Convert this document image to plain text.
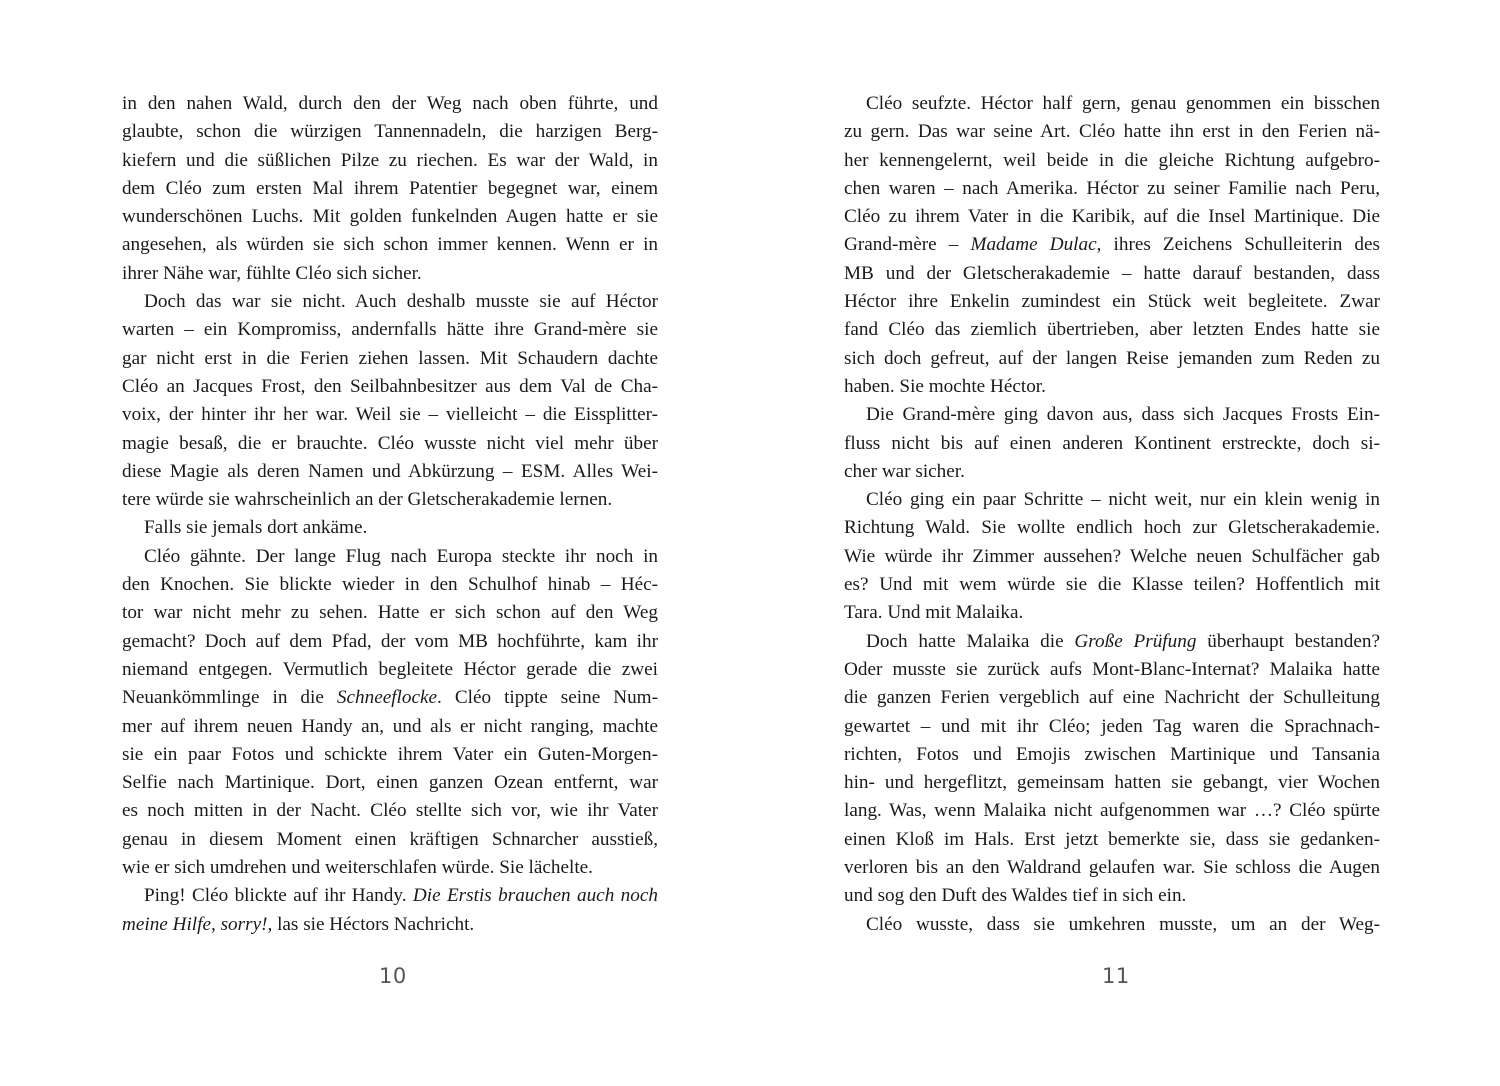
in den nahen Wald, durch den der Weg nach oben führte, und
glaubte, schon die würzigen Tannennadeln, die harzigen Berg-
kiefern und die süßlichen Pilze zu riechen. Es war der Wald, in
dem Cléo zum ersten Mal ihrem Patentier begegnet war, einem
wunderschönen Luchs. Mit golden funkelnden Augen hatte er sie
angesehen, als würden sie sich schon immer kennen. Wenn er in
ihrer Nähe war, fühlte Cléo sich sicher.
Doch das war sie nicht. Auch deshalb musste sie auf Héctor
warten – ein Kompromiss, andernfalls hätte ihre Grand-mère sie
gar nicht erst in die Ferien ziehen lassen. Mit Schaudern dachte
Cléo an Jacques Frost, den Seilbahnbesitzer aus dem Val de Cha-
voix, der hinter ihr her war. Weil sie – vielleicht – die Eissplitter-
magie besaß, die er brauchte. Cléo wusste nicht viel mehr über
diese Magie als deren Namen und Abkürzung – ESM. Alles Wei-
tere würde sie wahrscheinlich an der Gletscherakademie lernen.
Falls sie jemals dort ankäme.
Cléo gähnte. Der lange Flug nach Europa steckte ihr noch in
den Knochen. Sie blickte wieder in den Schulhof hinab – Héc-
tor war nicht mehr zu sehen. Hatte er sich schon auf den Weg
gemacht? Doch auf dem Pfad, der vom MB hochführte, kam ihr
niemand entgegen. Vermutlich begleitete Héctor gerade die zwei
Neuankömmlinge in die Schneeflocke. Cléo tippte seine Num-
mer auf ihrem neuen Handy an, und als er nicht ranging, machte
sie ein paar Fotos und schickte ihrem Vater ein Guten-Morgen-
Selfie nach Martinique. Dort, einen ganzen Ozean entfernt, war
es noch mitten in der Nacht. Cléo stellte sich vor, wie ihr Vater
genau in diesem Moment einen kräftigen Schnarcher ausstieß,
wie er sich umdrehen und weiterschlafen würde. Sie lächelte.
Ping! Cléo blickte auf ihr Handy. Die Erstis brauchen auch noch
meine Hilfe, sorry!, las sie Héctors Nachricht.
Cléo seufzte. Héctor half gern, genau genommen ein bisschen
zu gern. Das war seine Art. Cléo hatte ihn erst in den Ferien nä-
her kennengelernt, weil beide in die gleiche Richtung aufgebro-
chen waren – nach Amerika. Héctor zu seiner Familie nach Peru,
Cléo zu ihrem Vater in die Karibik, auf die Insel Martinique. Die
Grand-mère – Madame Dulac, ihres Zeichens Schulleiterin des
MB und der Gletscherakademie – hatte darauf bestanden, dass
Héctor ihre Enkelin zumindest ein Stück weit begleitete. Zwar
fand Cléo das ziemlich übertrieben, aber letzten Endes hatte sie
sich doch gefreut, auf der langen Reise jemanden zum Reden zu
haben. Sie mochte Héctor.
Die Grand-mère ging davon aus, dass sich Jacques Frosts Ein-
fluss nicht bis auf einen anderen Kontinent erstreckte, doch si-
cher war sicher.
Cléo ging ein paar Schritte – nicht weit, nur ein klein wenig in
Richtung Wald. Sie wollte endlich hoch zur Gletscherakademie.
Wie würde ihr Zimmer aussehen? Welche neuen Schulfächer gab
es? Und mit wem würde sie die Klasse teilen? Hoffentlich mit
Tara. Und mit Malaika.
Doch hatte Malaika die Große Prüfung überhaupt bestanden?
Oder musste sie zurück aufs Mont-Blanc-Internat? Malaika hatte
die ganzen Ferien vergeblich auf eine Nachricht der Schulleitung
gewartet – und mit ihr Cléo; jeden Tag waren die Sprachnach-
richten, Fotos und Emojis zwischen Martinique und Tansania
hin- und hergeflitzt, gemeinsam hatten sie gebangt, vier Wochen
lang. Was, wenn Malaika nicht aufgenommen war …? Cléo spürte
einen Kloß im Hals. Erst jetzt bemerkte sie, dass sie gedanken-
verloren bis an den Waldrand gelaufen war. Sie schloss die Augen
und sog den Duft des Waldes tief in sich ein.
Cléo wusste, dass sie umkehren musste, um an der Weg-
10	11
